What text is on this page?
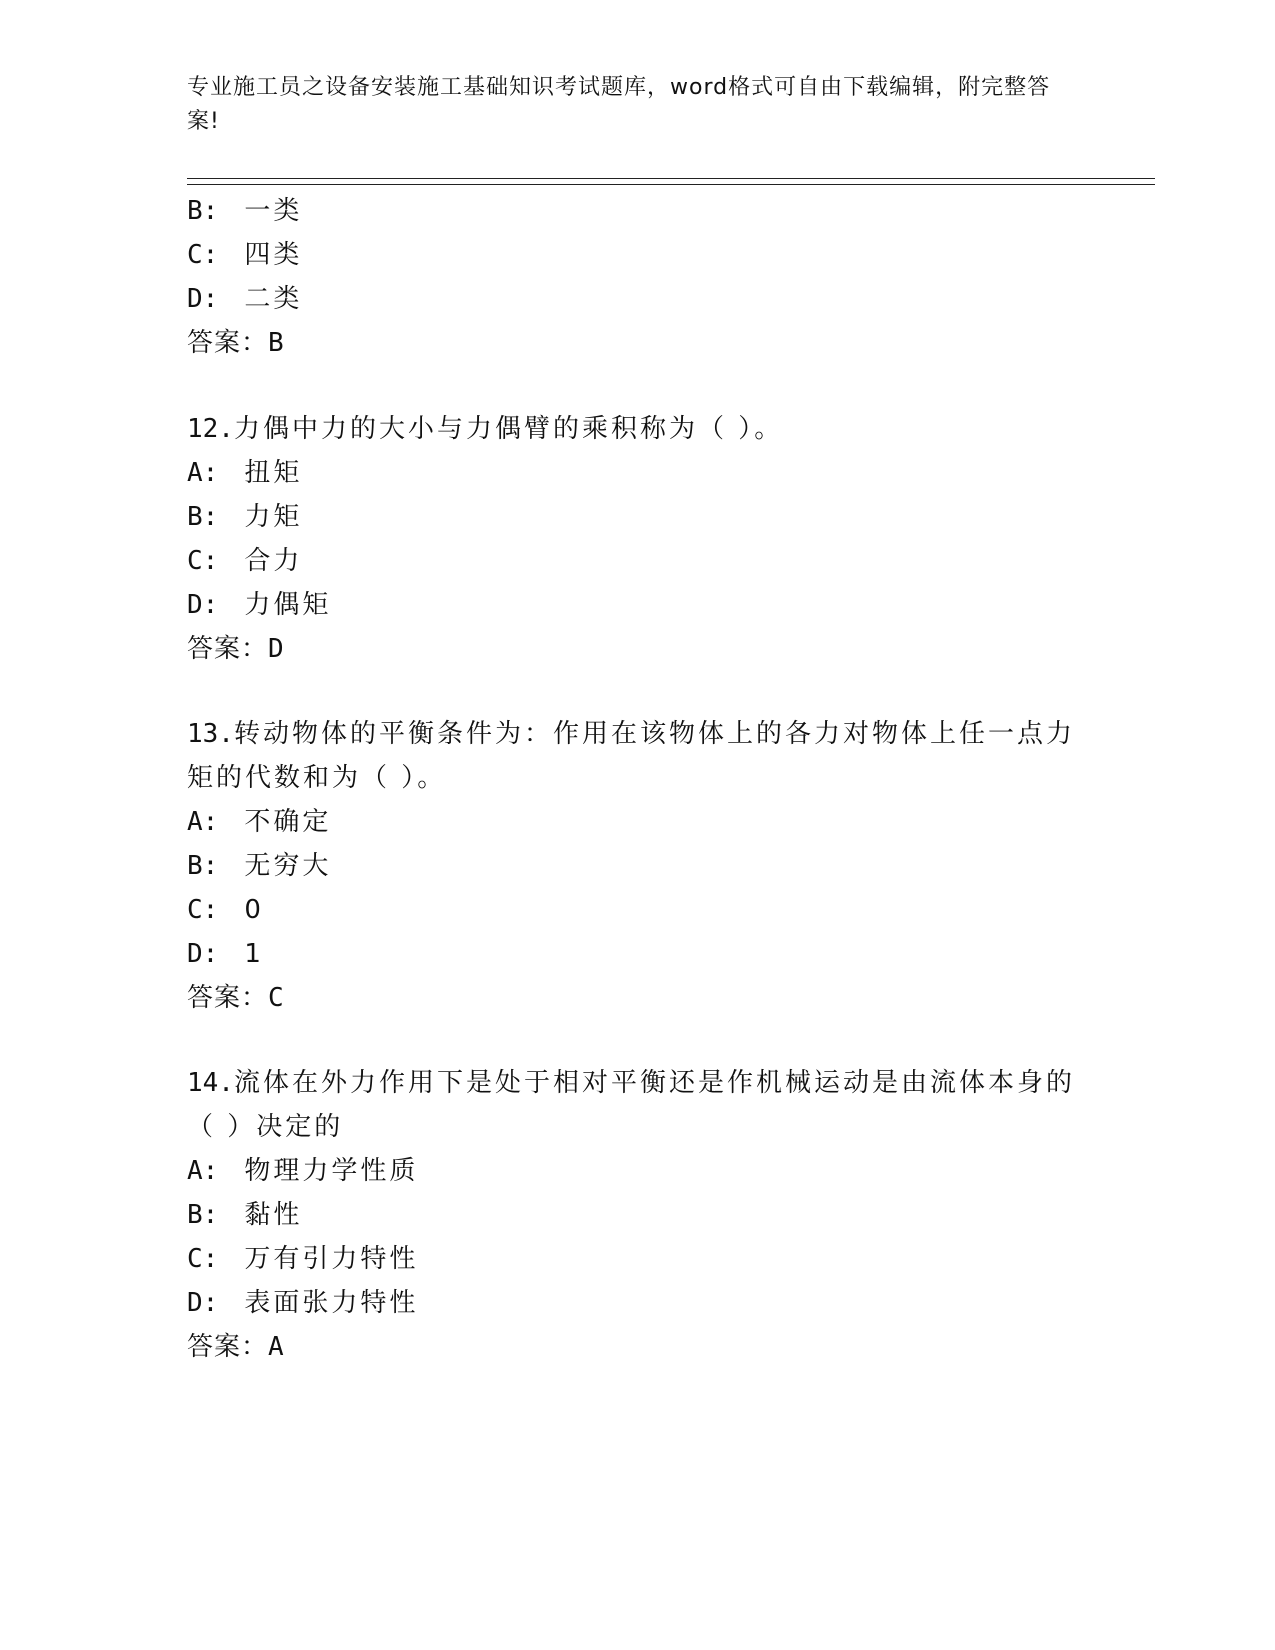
专业施工员之设备安装施工基础知识考试题库，word格式可自由下载编辑，附完整答案!
B: 一类
C: 四类
D: 二类
答案：B
12.力偶中力的大小与力偶臂的乘积称为（ ）。
A: 扭矩
B: 力矩
C: 合力
D: 力偶矩
答案：D
13.转动物体的平衡条件为：作用在该物体上的各力对物体上任一点力
矩的代数和为（ ）。
A: 不确定
B: 无穷大
C: 0
D: 1
答案：C
14.流体在外力作用下是处于相对平衡还是作机械运动是由流体本身的
（ ）决定的
A: 物理力学性质
B: 黏性
C: 万有引力特性
D: 表面张力特性
答案：A
